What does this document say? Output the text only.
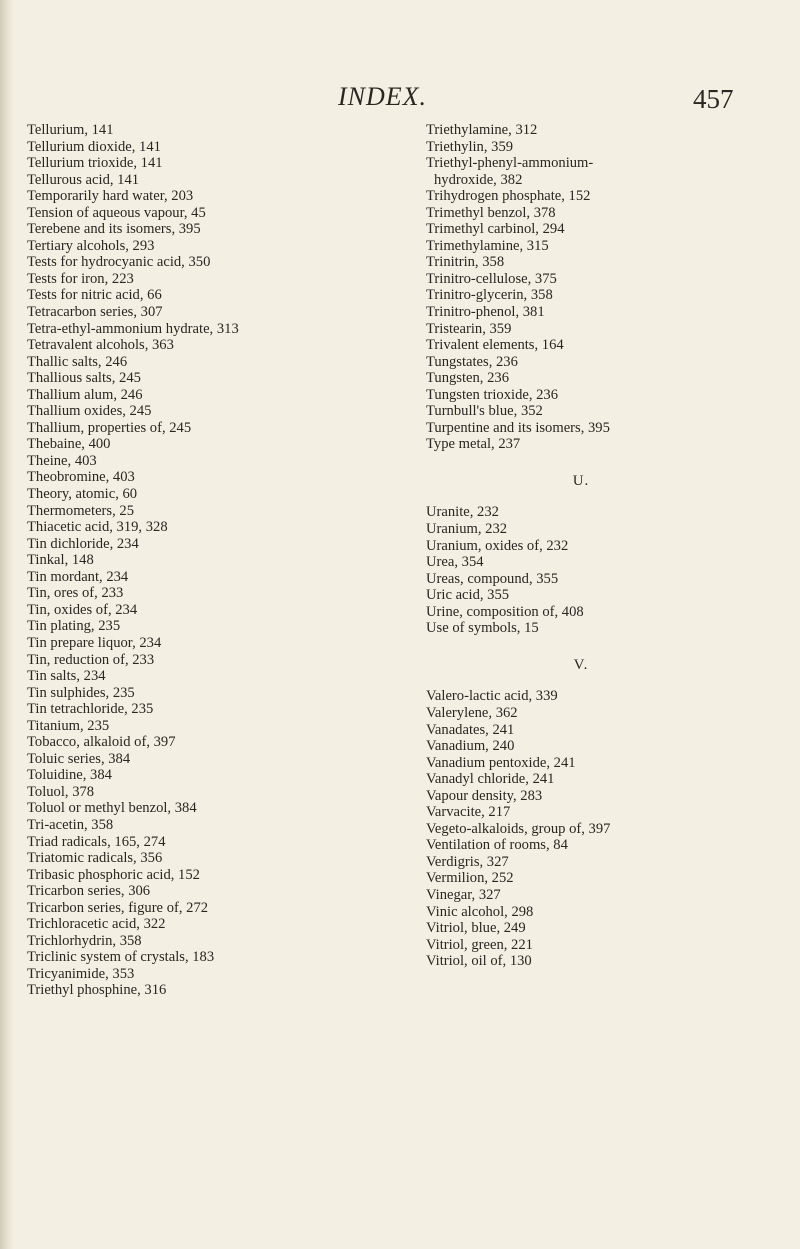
INDEX.	457
Tellurium, 141
Tellurium dioxide, 141
Tellurium trioxide, 141
Tellurous acid, 141
Temporarily hard water, 203
Tension of aqueous vapour, 45
Terebene and its isomers, 395
Tertiary alcohols, 293
Tests for hydrocyanic acid, 350
Tests for iron, 223
Tests for nitric acid, 66
Tetracarbon series, 307
Tetra-ethyl-ammonium hydrate, 313
Tetravalent alcohols, 363
Thallic salts, 246
Thallious salts, 245
Thallium alum, 246
Thallium oxides, 245
Thallium, properties of, 245
Thebaine, 400
Theine, 403
Theobromine, 403
Theory, atomic, 60
Thermometers, 25
Thiacetic acid, 319, 328
Tin dichloride, 234
Tinkal, 148
Tin mordant, 234
Tin, ores of, 233
Tin, oxides of, 234
Tin plating, 235
Tin prepare liquor, 234
Tin, reduction of, 233
Tin salts, 234
Tin sulphides, 235
Tin tetrachloride, 235
Titanium, 235
Tobacco, alkaloid of, 397
Toluic series, 384
Toluidine, 384
Toluol, 378
Toluol or methyl benzol, 384
Tri-acetin, 358
Triad radicals, 165, 274
Triatomic radicals, 356
Tribasic phosphoric acid, 152
Tricarbon series, 306
Tricarbon series, figure of, 272
Trichloracetic acid, 322
Trichlorhydrin, 358
Triclinic system of crystals, 183
Tricyanimide, 353
Triethyl phosphine, 316
Triethylamine, 312
Triethylin, 359
Triethyl-phenyl-ammonium-
hydroxide, 382
Trihydrogen phosphate, 152
Trimethyl benzol, 378
Trimethyl carbinol, 294
Trimethylamine, 315
Trinitrin, 358
Trinitro-cellulose, 375
Trinitro-glycerin, 358
Trinitro-phenol, 381
Tristearin, 359
Trivalent elements, 164
Tungstates, 236
Tungsten, 236
Tungsten trioxide, 236
Turnbull's blue, 352
Turpentine and its isomers, 395
Type metal, 237
U.
Uranite, 232
Uranium, 232
Uranium, oxides of, 232
Urea, 354
Ureas, compound, 355
Uric acid, 355
Urine, composition of, 408
Use of symbols, 15
V.
Valero-lactic acid, 339
Valerylene, 362
Vanadates, 241
Vanadium, 240
Vanadium pentoxide, 241
Vanadyl chloride, 241
Vapour density, 283
Varvacite, 217
Vegeto-alkaloids, group of, 397
Ventilation of rooms, 84
Verdigris, 327
Vermilion, 252
Vinegar, 327
Vinic alcohol, 298
Vitriol, blue, 249
Vitriol, green, 221
Vitriol, oil of, 130
